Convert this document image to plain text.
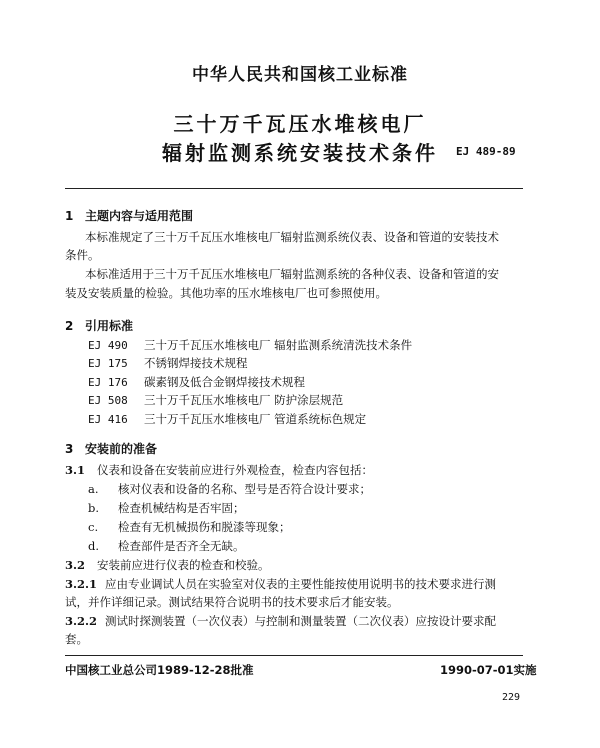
中华人民共和国核工业标准
三十万千瓦压水堆核电厂
辐射监测系统安装技术条件	EJ 489-89
1 主题内容与适用范围
本标准规定了三十万千瓦压水堆核电厂辐射监测系统仪表、设备和管道的安装技术
条件。
本标准适用于三十万千瓦压水堆核电厂辐射监测系统的各种仪表、设备和管道的安
装及安装质量的检验。其他功率的压水堆核电厂也可参照使用。
2 引用标准
EJ 490 三十万千瓦压水堆核电厂 辐射监测系统清洗技术条件
EJ 175 不锈钢焊接技术规程
EJ 176 碳素钢及低合金钢焊接技术规程
EJ 508 三十万千瓦压水堆核电厂 防护涂层规范
EJ 416 三十万千瓦压水堆核电厂 管道系统标色规定
3 安装前的准备
3.1 仪表和设备在安装前应进行外观检查，检查内容包括：
a. 核对仪表和设备的名称、型号是否符合设计要求；
b. 检查机械结构是否牢固；
c. 检查有无机械损伤和脱漆等现象；
d. 检查部件是否齐全无缺。
3.2 安装前应进行仪表的检查和校验。
3.2.1 应由专业调试人员在实验室对仪表的主要性能按使用说明书的技术要求进行测
试，并作详细记录。测试结果符合说明书的技术要求后才能安装。
3.2.2 测试时探测装置（一次仪表）与控制和测量装置（二次仪表）应按设计要求配
套。
中国核工业总公司1989-12-28批准	1990-07-01实施
229
